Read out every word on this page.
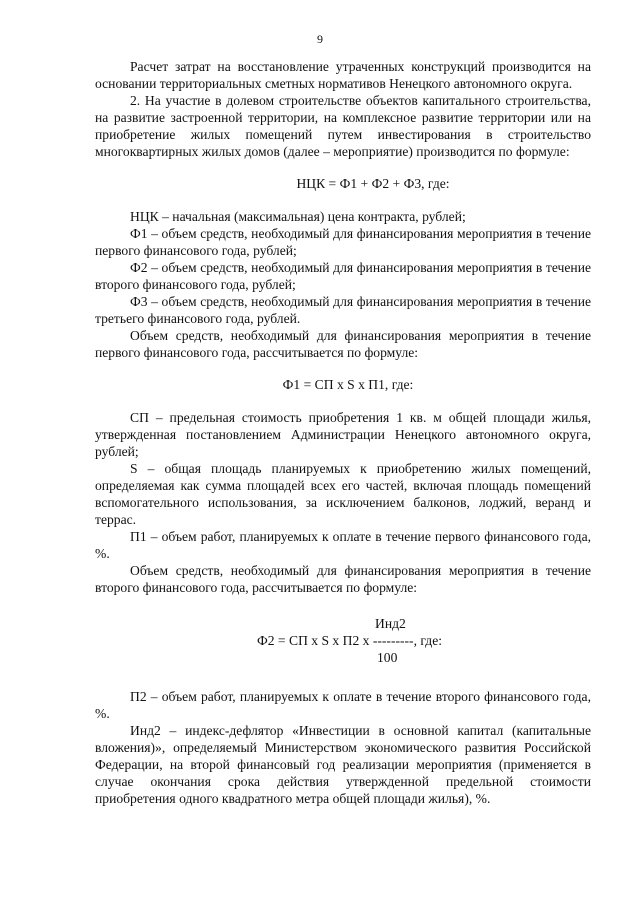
9

Расчет затрат на восстановление утраченных конструкций производится на основании территориальных сметных нормативов Ненецкого автономного округа.

2. На участие в долевом строительстве объектов капитального строительства, на развитие застроенной территории, на комплексное развитие территории или на приобретение жилых помещений путем инвестирования в строительство многоквартирных жилых домов (далее – мероприятие) производится по формуле:

НЦК = Ф1 + Ф2 + Ф3, где:

НЦК – начальная (максимальная) цена контракта, рублей;

Ф1 – объем средств, необходимый для финансирования мероприятия в течение первого финансового года, рублей;

Ф2 – объем средств, необходимый для финансирования мероприятия в течение второго финансового года, рублей;

Ф3 – объем средств, необходимый для финансирования мероприятия в течение третьего финансового года, рублей.

Объем средств, необходимый для финансирования мероприятия в течение первого финансового года, рассчитывается по формуле:

Ф1 = СП х S х П1, где:

СП – предельная стоимость приобретения 1 кв. м общей площади жилья, утвержденная постановлением Администрации Ненецкого автономного округа, рублей;

S – общая площадь планируемых к приобретению жилых помещений, определяемая как сумма площадей всех его частей, включая площадь помещений вспомогательного использования, за исключением балконов, лоджий, веранд и террас.

П1 – объем работ, планируемых к оплате в течение первого финансового года, %.

Объем средств, необходимый для финансирования мероприятия в течение второго финансового года, рассчитывается по формуле:

Инд2
Ф2 = СП х S х П2 х ---------, где:
100

П2 – объем работ, планируемых к оплате в течение второго финансового года, %.

Инд2 – индекс-дефлятор «Инвестиции в основной капитал (капитальные вложения)», определяемый Министерством экономического развития Российской Федерации, на второй финансовый год реализации мероприятия (применяется в случае окончания срока действия утвержденной предельной стоимости приобретения одного квадратного метра общей площади жилья), %.
